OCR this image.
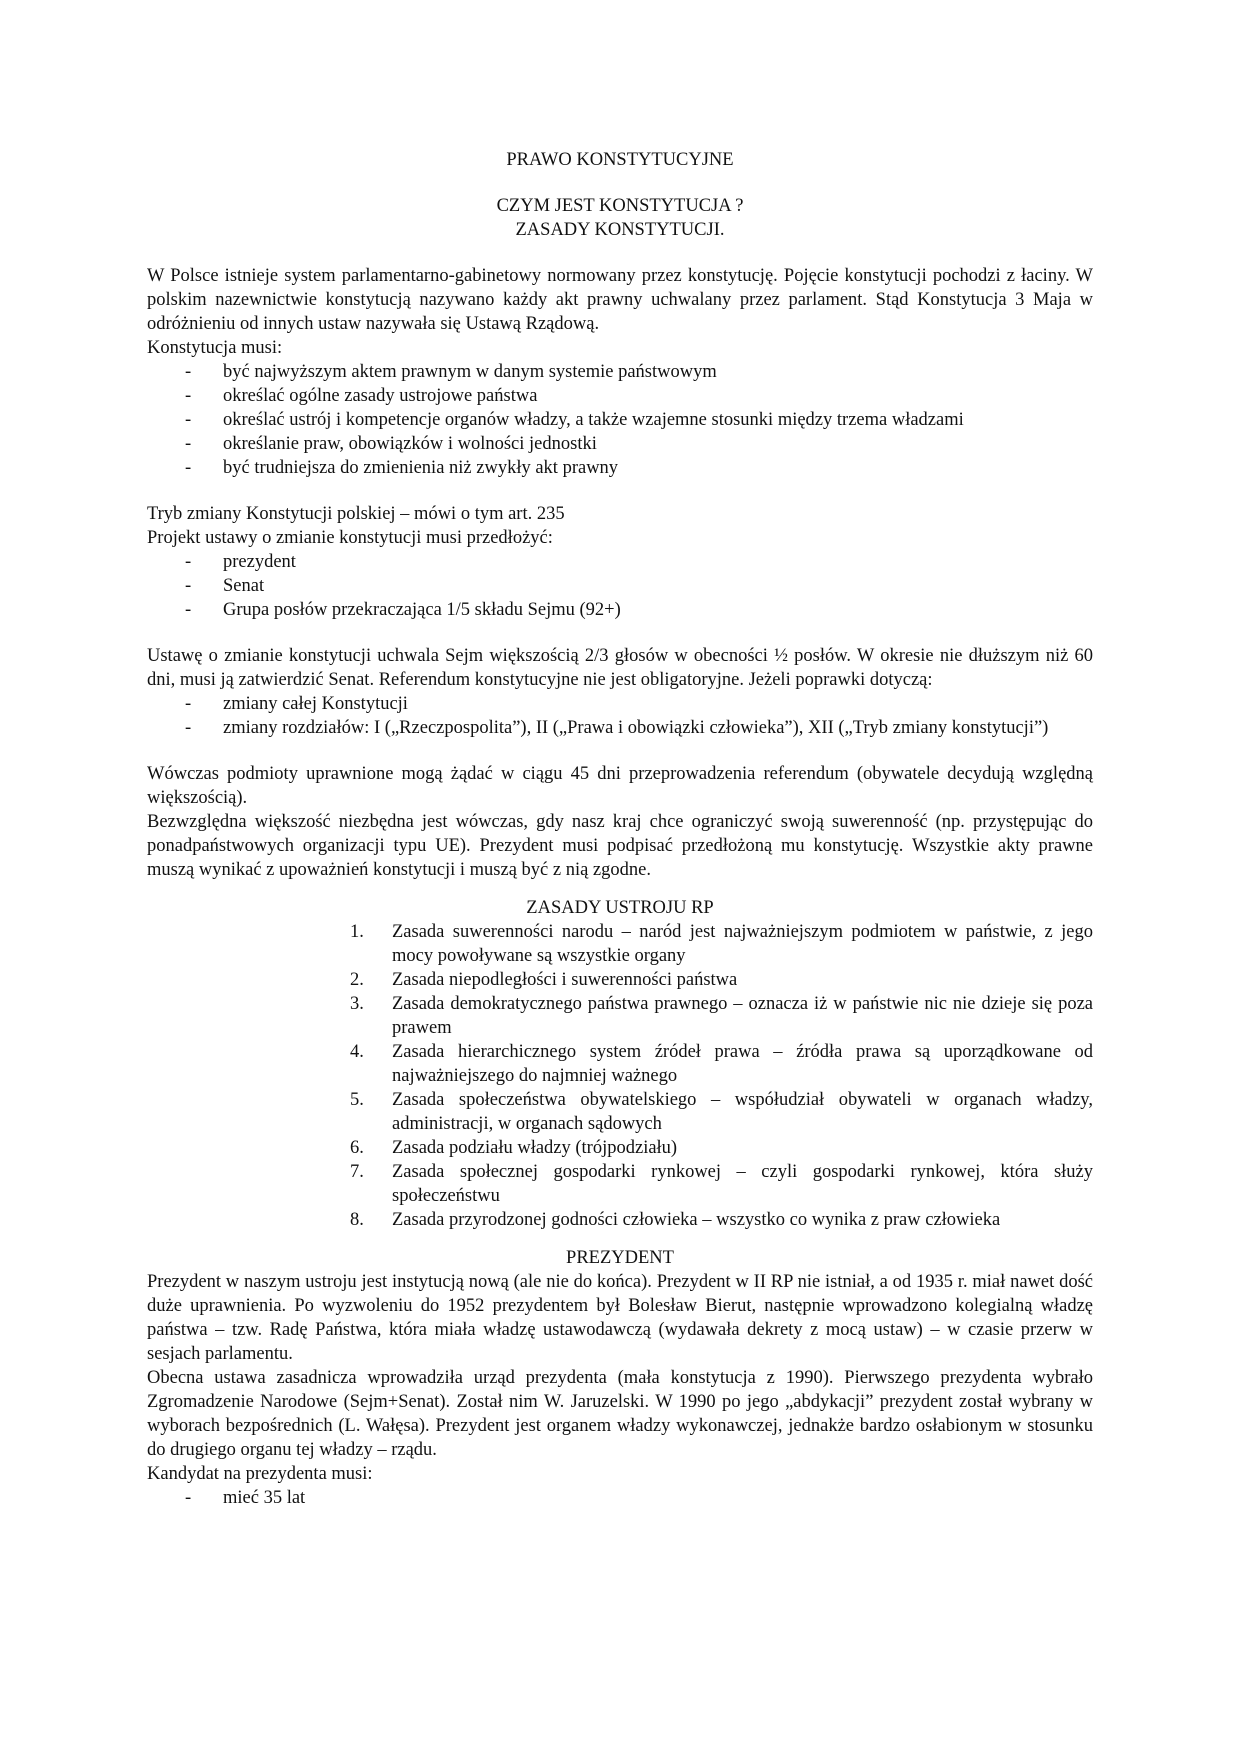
PRAWO KONSTYTUCYJNE

CZYM JEST KONSTYTUCJA ?

ZASADY KONSTYTUCJI.

W Polsce istnieje system parlamentarno-gabinetowy normowany przez konstytucję. Pojęcie konstytucji pochodzi z łaciny. W polskim nazewnictwie konstytucją nazywano każdy akt prawny uchwalany przez parlament. Stąd Konstytucja 3 Maja w odróżnieniu od innych ustaw nazywała się Ustawą Rządową.

Konstytucja musi:

- być najwyższym aktem prawnym w danym systemie państwowym
- określać ogólne zasady ustrojowe państwa
- określać ustrój i kompetencje organów władzy, a także wzajemne stosunki między trzema władzami
- określanie praw, obowiązków i wolności jednostki
- być trudniejsza do zmienienia niż zwykły akt prawny

Tryb zmiany Konstytucji polskiej – mówi o tym art. 235

Projekt ustawy o zmianie konstytucji musi przedłożyć:

- prezydent
- Senat
- Grupa posłów przekraczająca 1/5 składu Sejmu (92+)

Ustawę o zmianie konstytucji uchwala Sejm większością 2/3 głosów w obecności ½ posłów. W okresie nie dłuższym niż 60 dni, musi ją zatwierdzić Senat. Referendum konstytucyjne nie jest obligatoryjne. Jeżeli poprawki dotyczą:

- zmiany całej Konstytucji
- zmiany rozdziałów: I („Rzeczpospolita”), II („Prawa i obowiązki człowieka”), XII („Tryb zmiany konstytucji”)

Wówczas podmioty uprawnione mogą żądać w ciągu 45 dni przeprowadzenia referendum (obywatele decydują względną większością).

Bezwzględna większość niezbędna jest wówczas, gdy nasz kraj chce ograniczyć swoją suwerenność (np. przystępując do ponadpaństwowych organizacji typu UE). Prezydent musi podpisać przedłożoną mu konstytucję. Wszystkie akty prawne muszą wynikać z upoważnień konstytucji i muszą być z nią zgodne.

ZASADY USTROJU RP

1. Zasada suwerenności narodu – naród jest najważniejszym podmiotem w państwie, z jego mocy powoływane są wszystkie organy
2. Zasada niepodległości i suwerenności państwa
3. Zasada demokratycznego państwa prawnego – oznacza iż w państwie nic nie dzieje się poza prawem
4. Zasada hierarchicznego system źródeł prawa – źródła prawa są uporządkowane od najważniejszego do najmniej ważnego
5. Zasada społeczeństwa obywatelskiego – współudział obywateli w organach władzy, administracji, w organach sądowych
6. Zasada podziału władzy (trójpodziału)
7. Zasada społecznej gospodarki rynkowej – czyli gospodarki rynkowej, która służy społeczeństwu
8. Zasada przyrodzonej godności człowieka – wszystko co wynika z praw człowieka

PREZYDENT

Prezydent w naszym ustroju jest instytucją nową (ale nie do końca). Prezydent w II RP nie istniał, a od 1935 r. miał nawet dość duże uprawnienia. Po wyzwoleniu do 1952 prezydentem był Bolesław Bierut, następnie wprowadzono kolegialną władzę państwa – tzw. Radę Państwa, która miała władzę ustawodawczą (wydawała dekrety z mocą ustaw) – w czasie przerw w sesjach parlamentu.

Obecna ustawa zasadnicza wprowadziła urząd prezydenta (mała konstytucja z 1990). Pierwszego prezydenta wybrało Zgromadzenie Narodowe (Sejm+Senat). Został nim W. Jaruzelski. W 1990 po jego „abdykacji” prezydent został wybrany w wyborach bezpośrednich (L. Wałęsa). Prezydent jest organem władzy wykonawczej, jednakże bardzo osłabionym w stosunku do drugiego organu tej władzy – rządu.

Kandydat na prezydenta musi:

- mieć 35 lat
